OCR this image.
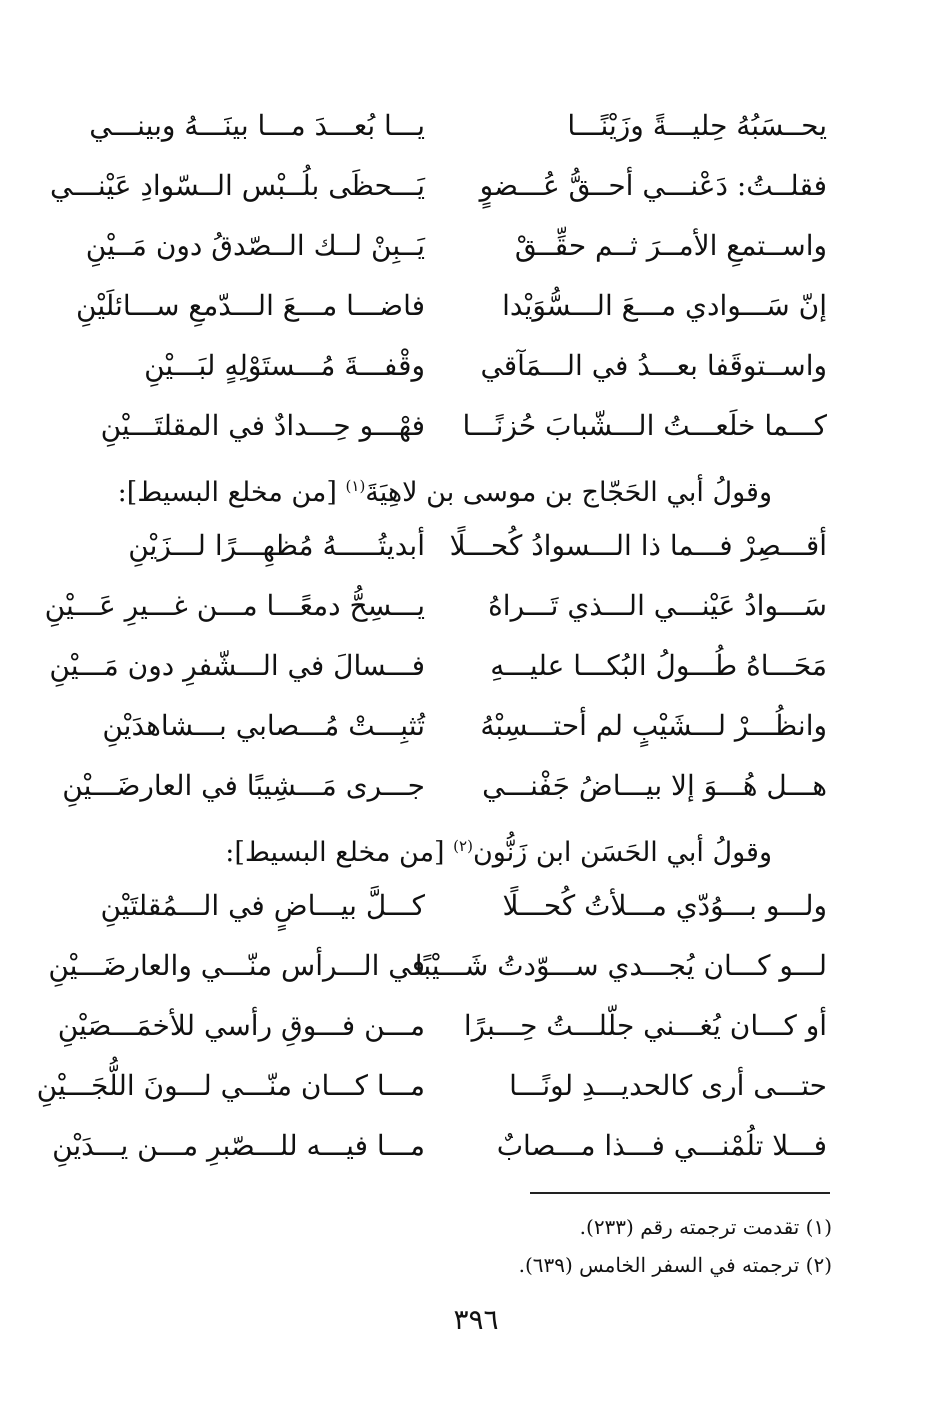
يحــسَبُهُ حِليـــةً وزَيْنًـــا
يـــا بُعـــدَ مـــا بينَـــهُ وبينـــي
فقلــتُ: دَعْنـــي أحــقُّ عُـــضوٍ
يَـــحظَى بلُــبْس الــسّوادِ عَيْنـــي
واســتمعِ الأمــرَ ثــم حقِّــقْ
يَــبِنْ لــك الــصّدقُ دون مَــيْنِ
إنّ سَـــوادي مـــعَ الـــسُّوَيْدا
فاضـــا مـــعَ الـــدّمعِ ســـائلَيْنِ
واســتوقَفا بعـــدُ في الـــمَآقي
وقْفـــةَ مُـــستَوْلِهٍ لبَـــيْنِ
كـــما خلَعـــتُ الـــشّبابَ حُزنًـــا
فهْـــو حِـــدادٌ في المقلتَـــيْنِ
وقولُ أبي الحَجّاج بن موسى بن لاهِيَةَ$^{(١)}$ [من مخلع البسيط]:
أقـــصِرْ فـــما ذا الـــسوادُ كُحـــلًا
أبديتُـــــهُ مُظهِـــرًا لـــزَيْنِ
سَـــوادُ عَيْنـــي الـــذي تَـــراهُ
يـــسِحُّ دمعًـــا مـــن غـــيرِ عَـــيْنِ
مَحَـــاهُ طُـــولُ البُكـــا عليـــهِ
فـــسالَ في الـــشّفرِ دون مَـــيْنِ
وانظُـــرْ لـــشَيْبٍ لم أحتـــسِبْهُ
تُثبِـــتْ مُـــصابي بـــشاهدَيْنِ
هـــل هُـــوَ إلا بيـــاضُ جَفْنـــي
جـــرى مَـــشِيبًا في العارضَـــيْنِ
وقولُ أبي الحَسَن ابن زَنُّون$^{(٢)}$ [من مخلع البسيط]:
ولـــو بـــوُدّي مـــلأتُ كُحـــلًا
كـــلَّ بيـــاضٍ في الـــمُقلتَيْنِ
لـــو كـــان يُجـــدي ســـوّدتُ شَـــيْبًا
في الـــرأس منّـــي والعارضَـــيْنِ
أو كـــان يُغـــني جلّلـــتُ حِـــبرًا
مـــن فـــوقِ رأسي للأخمَـــصَيْنِ
حتـــى أرى كالحديـــدِ لونًـــا
مـــا كـــان منّـــي لـــونَ اللُّجَـــيْنِ
فـــلا تلُمْنـــي فـــذا مـــصابٌ
مـــا فيـــه للـــصّبرِ مـــن يـــدَيْنِ
(١) تقدمت ترجمته رقم (٢٣٣).
(٢) ترجمته في السفر الخامس (٦٣٩).
٣٩٦
